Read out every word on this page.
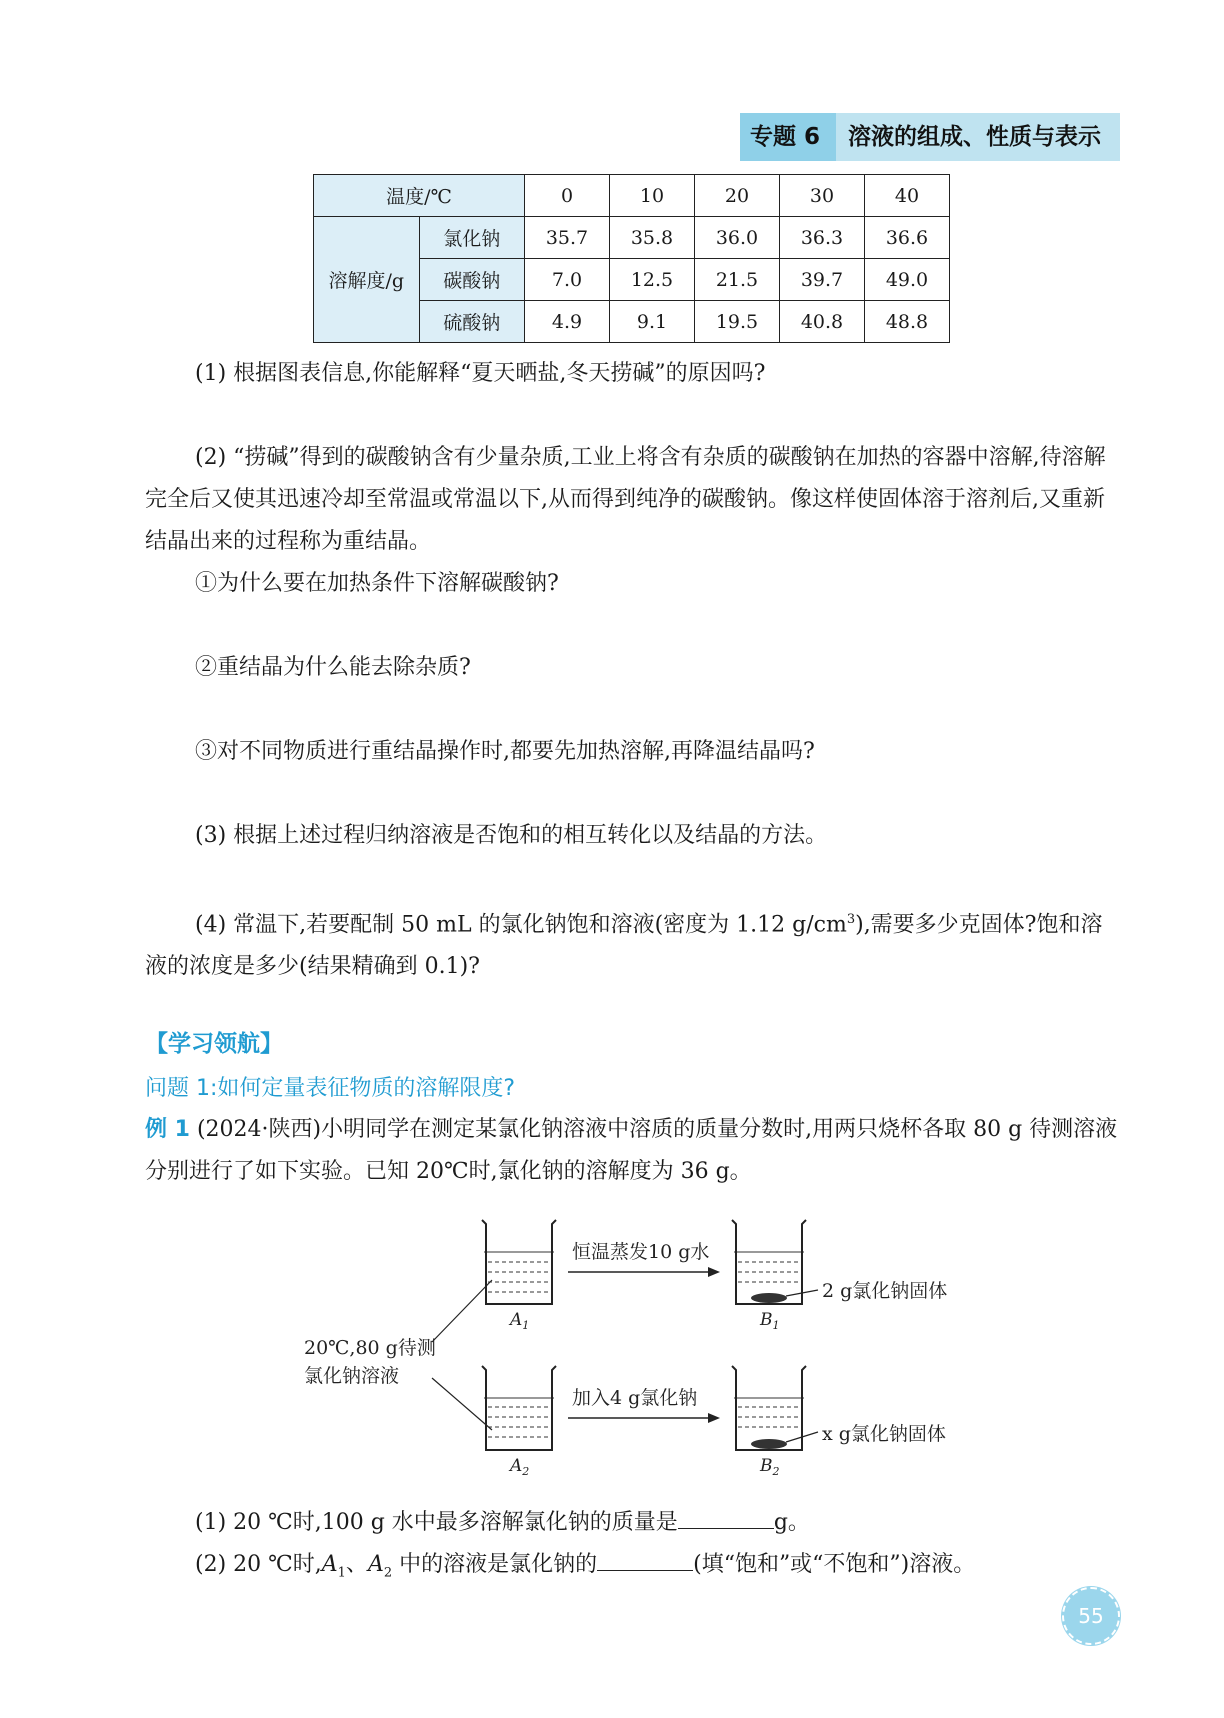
专题 6 溶液的组成、性质与表示
温度/℃		0	10	20	30	40
溶解度/g	氯化钠	35.7	35.8	36.0	36.3	36.6
	碳酸钠	7.0	12.5	21.5	39.7	49.0
	硫酸钠	4.9	9.1	19.5	40.8	48.8
(1) 根据图表信息,你能解释“夏天晒盐,冬天捞碱”的原因吗?
(2) “捞碱”得到的碳酸钠含有少量杂质,工业上将含有杂质的碳酸钠在加热的容器中溶解,待溶解完全后又使其迅速冷却至常温或常温以下,从而得到纯净的碳酸钠。像这样使固体溶于溶剂后,又重新结晶出来的过程称为重结晶。
①为什么要在加热条件下溶解碳酸钠?
②重结晶为什么能去除杂质?
③对不同物质进行重结晶操作时,都要先加热溶解,再降温结晶吗?
(3) 根据上述过程归纳溶液是否饱和的相互转化以及结晶的方法。
(4) 常温下,若要配制 50 mL 的氯化钠饱和溶液(密度为 1.12 $g/cm^3$),需要多少克固体?饱和溶液的浓度是多少(结果精确到 0.1)?
【学习领航】
问题 1:如何定量表征物质的溶解限度?
例 1 (2024·陕西)小明同学在测定某氯化钠溶液中溶质的质量分数时,用两只烧杯各取 80 g 待测溶液分别进行了如下实验。已知 20℃时,氯化钠的溶解度为 36 g。
恒温蒸发10 g水
加入4 g氯化钠
2 g氯化钠固体
x g氯化钠固体
20℃,80 g待测
氯化钠溶液
$A_1$	$B_1$
$A_2$	$B_2$
(1) 20 ℃时,100 g 水中最多溶解氯化钠的质量是	g。
(2) 20 ℃时$,A_1$、$A_2$ 中的溶液是氯化钠的	(填“饱和”或“不饱和”)溶液。
55
